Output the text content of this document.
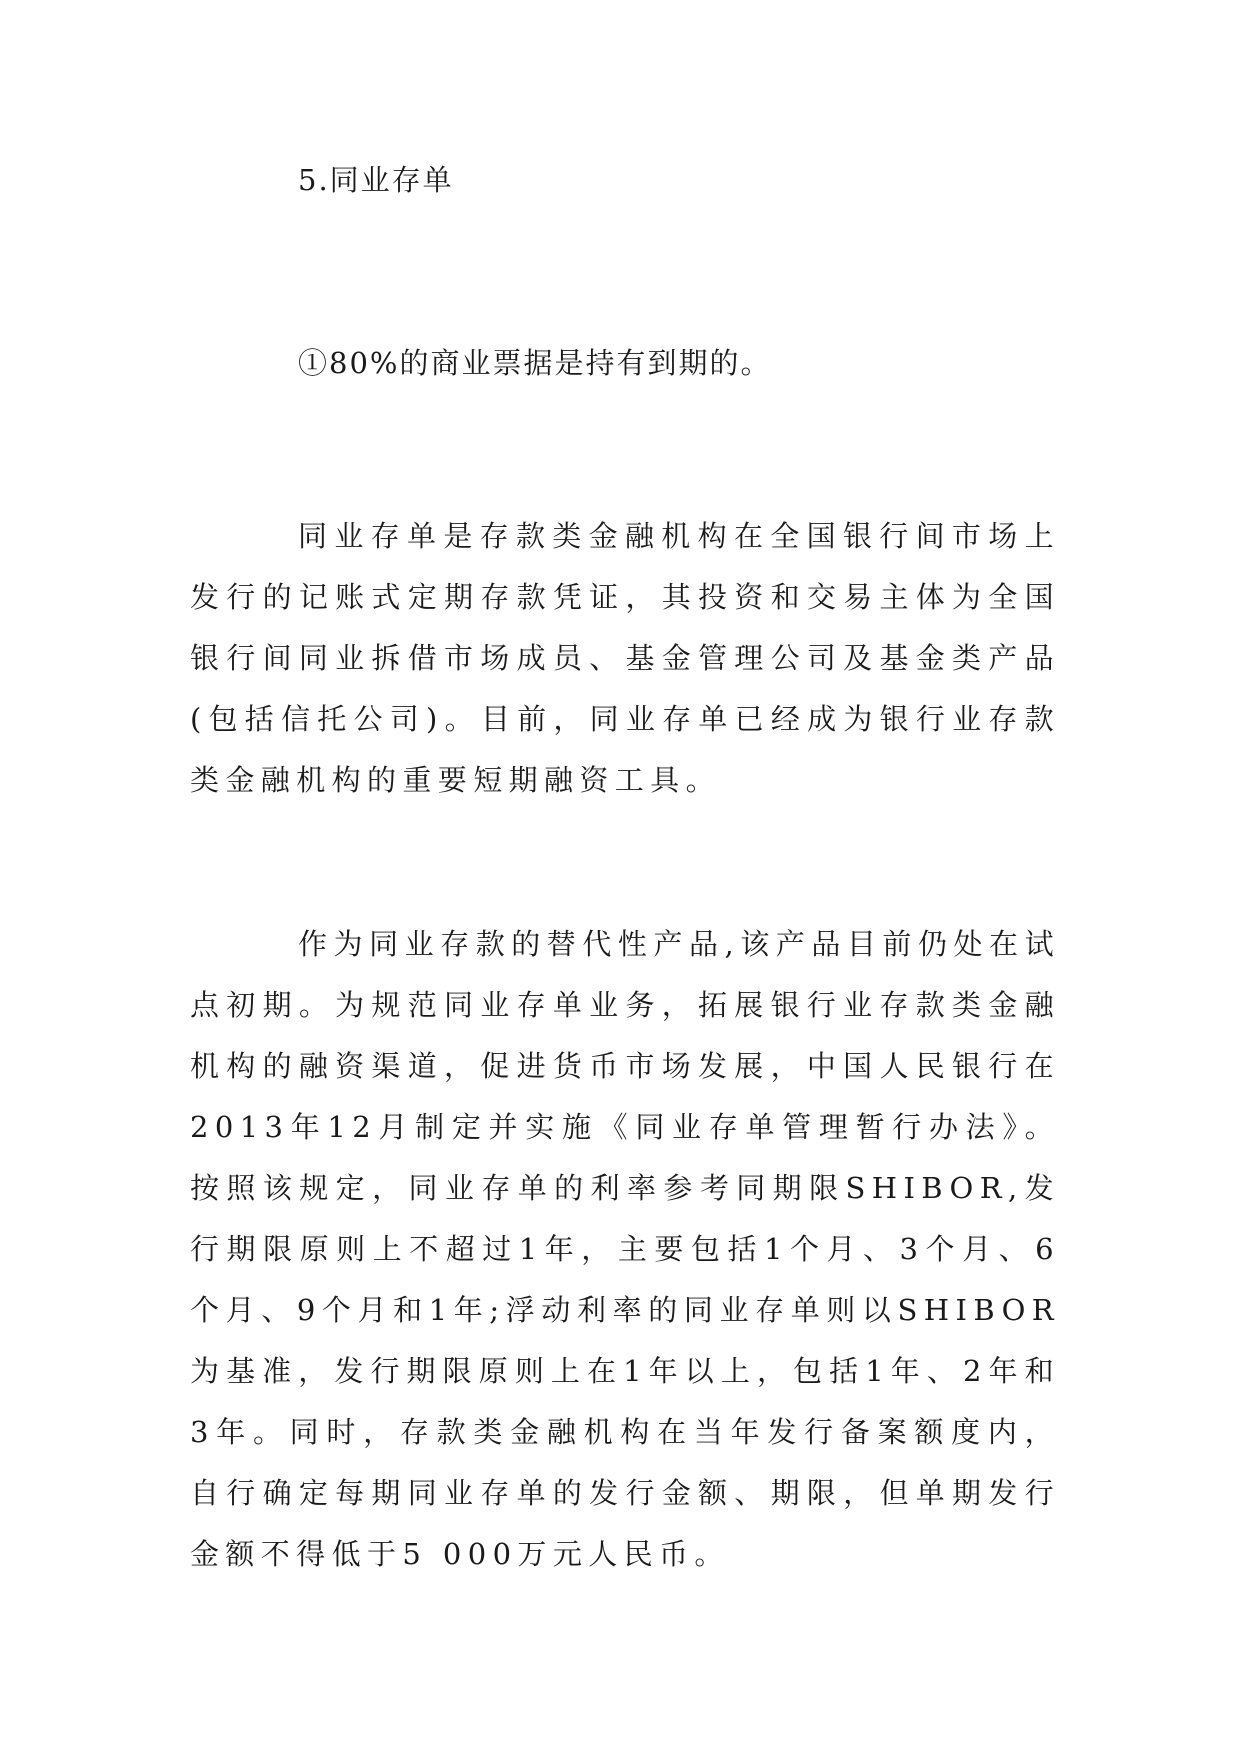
5.同业存单
①80%的商业票据是持有到期的。

同业存单是存款类金融机构在全国银行间市场上发行的记账式定期存款凭证，其投资和交易主体为全国银行间同业拆借市场成员、基金管理公司及基金类产品(包括信托公司)。目前，同业存单已经成为银行业存款类金融机构的重要短期融资工具。

作为同业存款的替代性产品,该产品目前仍处在试点初期。为规范同业存单业务，拓展银行业存款类金融机构的融资渠道，促进货币市场发展，中国人民银行在2013年12月制定并实施《同业存单管理暂行办法》。按照该规定，同业存单的利率参考同期限SHIBOR,发行期限原则上不超过1年，主要包括1个月、3个月、6个月、9个月和1年;浮动利率的同业存单则以SHIBOR为基准，发行期限原则上在1年以上，包括1年、2年和3年。同时，存款类金融机构在当年发行备案额度内，自行确定每期同业存单的发行金额、期限，但单期发行金额不得低于5 000万元人民币。
